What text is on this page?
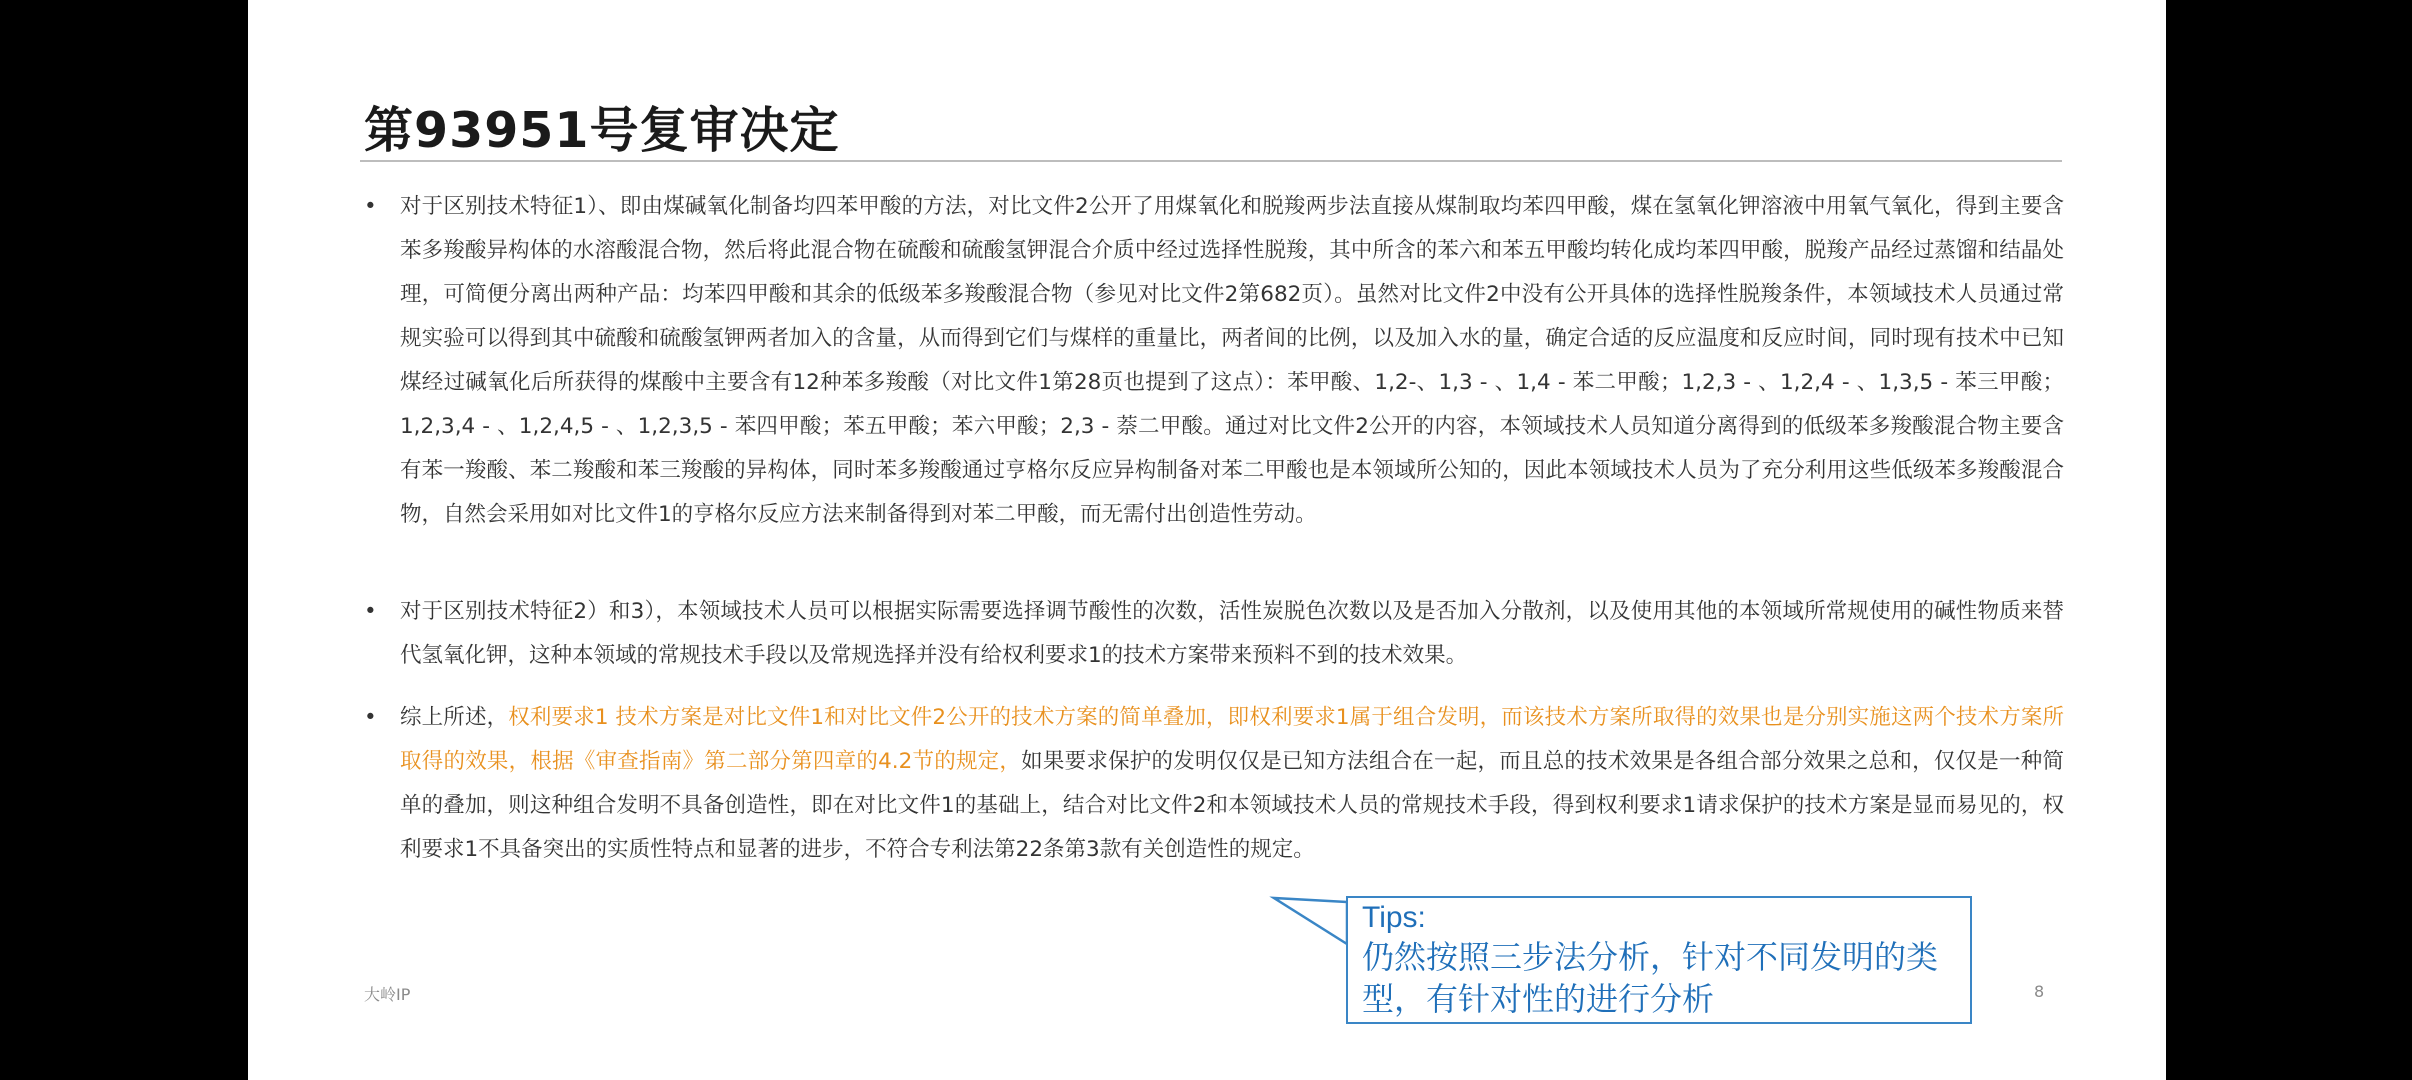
第93951号复审决定
•	对于区别技术特征1）、即由煤碱氧化制备均四苯甲酸的方法，对比文件2公开了用煤氧化和脱羧两步法直接从煤制取均苯四甲酸，煤在氢氧化钾溶液中用氧气氧化，得到主要含苯多羧酸异构体的水溶酸混合物，然后将此混合物在硫酸和硫酸氢钾混合介质中经过选择性脱羧，其中所含的苯六和苯五甲酸均转化成均苯四甲酸，脱羧产品经过蒸馏和结晶处理，可简便分离出两种产品：均苯四甲酸和其余的低级苯多羧酸混合物（参见对比文件2第682页）。虽然对比文件2中没有公开具体的选择性脱羧条件，本领域技术人员通过常规实验可以得到其中硫酸和硫酸氢钾两者加入的含量，从而得到它们与煤样的重量比，两者间的比例，以及加入水的量，确定合适的反应温度和反应时间，同时现有技术中已知煤经过碱氧化后所获得的煤酸中主要含有12种苯多羧酸（对比文件1第28页也提到了这点）：苯甲酸、1,2-、1,3 - 、1,4 - 苯二甲酸；1,2,3 - 、1,2,4 - 、1,3,5 - 苯三甲酸；1,2,3,4 - 、1,2,4,5 - 、1,2,3,5 - 苯四甲酸；苯五甲酸；苯六甲酸；2,3 - 萘二甲酸。通过对比文件2公开的内容，本领域技术人员知道分离得到的低级苯多羧酸混合物主要含有苯一羧酸、苯二羧酸和苯三羧酸的异构体，同时苯多羧酸通过亨格尔反应异构制备对苯二甲酸也是本领域所公知的，因此本领域技术人员为了充分利用这些低级苯多羧酸混合物，自然会采用如对比文件1的亨格尔反应方法来制备得到对苯二甲酸，而无需付出创造性劳动。
•	对于区别技术特征2）和3），本领域技术人员可以根据实际需要选择调节酸性的次数，活性炭脱色次数以及是否加入分散剂，以及使用其他的本领域所常规使用的碱性物质来替代氢氧化钾，这种本领域的常规技术手段以及常规选择并没有给权利要求1的技术方案带来预料不到的技术效果。
•	综上所述，权利要求1 技术方案是对比文件1和对比文件2公开的技术方案的简单叠加，即权利要求1属于组合发明，而该技术方案所取得的效果也是分别实施这两个技术方案所取得的效果，根据《审查指南》第二部分第四章的4.2节的规定，如果要求保护的发明仅仅是已知方法组合在一起，而且总的技术效果是各组合部分效果之总和，仅仅是一种简单的叠加，则这种组合发明不具备创造性，即在对比文件1的基础上，结合对比文件2和本领域技术人员的常规技术手段，得到权利要求1请求保护的技术方案是显而易见的，权利要求1不具备突出的实质性特点和显著的进步，不符合专利法第22条第3款有关创造性的规定。
Tips:
仍然按照三步法分析，针对不同发明的类型，有针对性的进行分析
大岭IP	8
